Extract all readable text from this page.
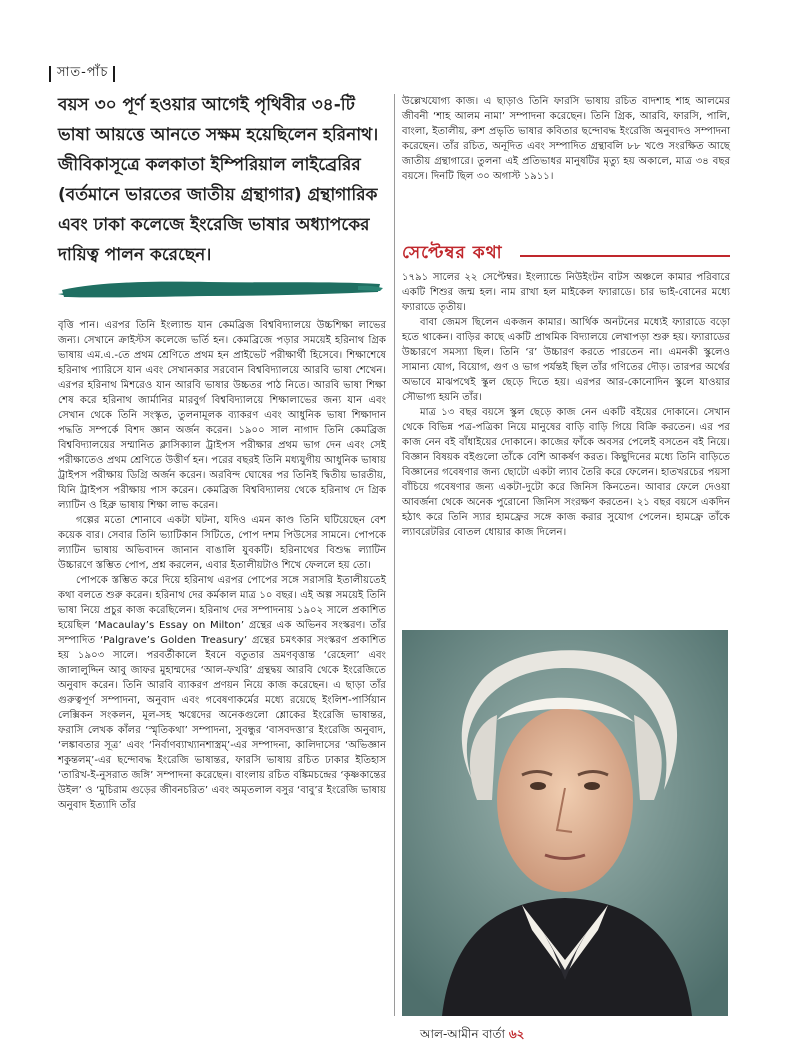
সাত-পাঁচ

বয়স ৩০ পূর্ণ হওয়ার আগেই পৃথিবীর ৩৪-টি ভাষা আয়ত্তে আনতে সক্ষম হয়েছিলেন হরিনাথ। জীবিকাসূত্রে কলকাতা ইম্পিরিয়াল লাইব্রেরির (বর্তমানে ভারতের জাতীয় গ্রন্থাগার) গ্রন্থাগারিক এবং ঢাকা কলেজে ইংরেজি ভাষার অধ্যাপকের দায়িত্ব পালন করেছেন।

বৃত্তি পান। এরপর তিনি ইংল্যান্ড যান কেমব্রিজ বিশ্ববিদ্যালয়ে উচ্চশিক্ষা লাভের জন্য। সেখানে ক্রাইস্টস কলেজে ভর্তি হন। কেমব্রিজে পড়ার সময়েই হরিনাথ গ্রিক ভাষায় এম.এ.-তে প্রথম শ্রেণিতে প্রথম হন প্রাইভেট পরীক্ষার্থী হিসেবে। শিক্ষাশেষে হরিনাথ প্যারিসে যান এবং সেখানকার সরবোন বিশ্ববিদ্যালয়ে আরবি ভাষা শেখেন। এরপর হরিনাথ মিশরেও যান আরবি ভাষার উচ্চতর পাঠ নিতে। আরবি ভাষা শিক্ষা শেষ করে হরিনাথ জার্মানির মারবুর্গ বিশ্ববিদ্যালয়ে শিক্ষালাভের জন্য যান এবং সেখান থেকে তিনি সংস্কৃত, তুলনামূলক ব্যাকরণ এবং আধুনিক ভাষা শিক্ষাদান পদ্ধতি সম্পর্কে বিশদ জ্ঞান অর্জন করেন। ১৯০০ সাল নাগাদ তিনি কেমব্রিজ বিশ্ববিদ্যালয়ের সম্মানিত ক্লাসিক্যাল ট্রাইপস পরীক্ষার প্রথম ভাগ দেন এবং সেই পরীক্ষাতেও প্রথম শ্রেণিতে উত্তীর্ণ হন। পরের বছরই তিনি মধ্যযুগীয় আধুনিক ভাষায় ট্রাইপস পরীক্ষায় ডিগ্রি অর্জন করেন। অরবিন্দ ঘোষের পর তিনিই দ্বিতীয় ভারতীয়, যিনি ট্রাইপস পরীক্ষায় পাস করেন। কেমব্রিজ বিশ্ববিদ্যালয় থেকে হরিনাথ দে গ্রিক ল্যাটিন ও হিব্রু ভাষায় শিক্ষা লাভ করেন।

গল্পের মতো শোনাবে একটা ঘটনা, যদিও এমন কাণ্ড তিনি ঘটিয়েছেন বেশ কয়েক বার। সেবার তিনি ভ্যাটিকান সিটিতে, পোপ দশম পিউসের সামনে। পোপকে ল্যাটিন ভাষায় অভিবাদন জানান বাঙালি যুবকটি। হরিনাথের বিশুদ্ধ ল্যাটিন উচ্চারণে স্তম্ভিত পোপ, প্রশ্ন করলেন, এবার ইতালীয়টাও শিখে ফেললে হয় তো।

পোপকে স্তম্ভিত করে দিয়ে হরিনাথ এরপর পোপের সঙ্গে সরাসরি ইতালীয়তেই কথা বলতে শুরু করেন। হরিনাথ দের কর্মকাল মাত্র ১০ বছর। এই অল্প সময়েই তিনি ভাষা নিয়ে প্রচুর কাজ করেছিলেন। হরিনাথ দের সম্পাদনায় ১৯০২ সালে প্রকাশিত হয়েছিল ‘Macaulay’s Essay on Milton’ গ্রন্থের এক অভিনব সংস্করণ। তাঁর সম্পাদিত ‘Palgrave’s Golden Treasury’ গ্রন্থের চমৎকার সংস্করণ প্রকাশিত হয় ১৯০৩ সালে। পরবর্তীকালে ইবনে বতুতার ভ্রমণবৃত্তান্ত ‘রেহেলা’ এবং জালালুদ্দিন আবু জাফর মুহাম্মদের ‘আল-ফখরি’ গ্রন্থদ্বয় আরবি থেকে ইংরেজিতে অনুবাদ করেন। তিনি আরবি ব্যাকরণ প্রণয়ন নিয়ে কাজ করেছেন। এ ছাড়া তাঁর গুরুত্বপূর্ণ সম্পাদনা, অনুবাদ এবং গবেষণাকর্মের মধ্যে রয়েছে ইংলিশ-পার্সিয়ান লেক্সিকন সংকলন, মূল-সহ ঋগ্বেদের অনেকগুলো শ্লোকের ইংরেজি ভাষান্তর, ফরাসি লেখক কাঁলর ‘স্মৃতিকথা’ সম্পাদনা, সুবন্ধুর ‘বাসবদত্তা’র ইংরেজি অনুবাদ, ‘লঙ্কাবতার সূত্র’ এবং ‘নির্বাণব্যাখ্যানশাস্ত্রম্’-এর সম্পাদনা, কালিদাসের ‘অভিজ্ঞান শকুন্তলম্’-এর ছন্দোবদ্ধ ইংরেজি ভাষান্তর, ফারসি ভাষায় রচিত ঢাকার ইতিহাস ‘তারিখ-ই-নুসরাত জঙ্গি’ সম্পাদনা করেছেন। বাংলায় রচিত বঙ্কিমচন্দ্রের ‘কৃষ্ণকান্তের উইল’ ও ‘মুচিরাম গুড়ের জীবনচরিত’ এবং অমৃতলাল বসুর ‘বাবু’র ইংরেজি ভাষায় অনুবাদ ইত্যাদি তাঁর

উল্লেখযোগ্য কাজ। এ ছাড়াও তিনি ফারসি ভাষায় রচিত বাদশাহ শাহ আলমের জীবনী ‘শাহ আলম নামা’ সম্পাদনা করেছেন। তিনি গ্রিক, আরবি, ফারসি, পালি, বাংলা, ইতালীয়, রুশ প্রভৃতি ভাষার কবিতার ছন্দোবদ্ধ ইংরেজি অনুবাদও সম্পাদনা করেছেন। তাঁর রচিত, অনূদিত এবং সম্পাদিত গ্রন্থাবলি ৮৮ খণ্ডে সংরক্ষিত আছে জাতীয় গ্রন্থাগারে। তুলনা এই প্রতিভাধর মানুষটির মৃত্যু হয় অকালে, মাত্র ৩৪ বছর বয়সে। দিনটি ছিল ৩০ অগাস্ট ১৯১১।

সেপ্টেম্বর কথা

১৭৯১ সালের ২২ সেপ্টেম্বর। ইংল্যান্ডে নিউইংটন বাটস অঞ্চলে কামার পরিবারে একটি শিশুর জন্ম হল। নাম রাখা হল মাইকেল ফ্যারাডে। চার ভাই-বোনের মধ্যে ফ্যারাডে তৃতীয়।

বাবা জেমস ছিলেন একজন কামার। আর্থিক অনটনের মধ্যেই ফ্যারাডে বড়ো হতে থাকেন। বাড়ির কাছে একটি প্রাথমিক বিদ্যালয়ে লেখাপড়া শুরু হয়। ফ্যারাডের উচ্চারণে সমস্যা ছিল। তিনি ‘র’ উচ্চারণ করতে পারতেন না। এমনকী স্কুলেও সামান্য যোগ, বিয়োগ, গুণ ও ভাগ পর্যন্তই ছিল তাঁর গণিতের দৌড়। তারপর অর্থের অভাবে মাঝপথেই স্কুল ছেড়ে দিতে হয়। এরপর আর-কোনোদিন স্কুলে যাওয়ার সৌভাগ্য হয়নি তাঁর।

মাত্র ১৩ বছর বয়সে স্কুল ছেড়ে কাজ নেন একটি বইয়ের দোকানে। সেখান থেকে বিভিন্ন পত্র-পত্রিকা নিয়ে মানুষের বাড়ি বাড়ি গিয়ে বিক্রি করতেন। এর পর কাজ নেন বই বাঁধাইয়ের দোকানে। কাজের ফাঁকে অবসর পেলেই বসতেন বই নিয়ে। বিজ্ঞান বিষয়ক বইগুলো তাঁকে বেশি আকর্ষণ করত। কিছুদিনের মধ্যে তিনি বাড়িতে বিজ্ঞানের গবেষণার জন্য ছোটো একটা ল্যাব তৈরি করে ফেলেন। হাতখরচের পয়সা বাঁচিয়ে গবেষণার জন্য একটা-দুটো করে জিনিস কিনতেন। আবার ফেলে দেওয়া আবর্জনা থেকে অনেক পুরোনো জিনিস সংরক্ষণ করতেন। ২১ বছর বয়সে একদিন হঠাৎ করে তিনি স্যার হামফ্রের সঙ্গে কাজ করার সুযোগ পেলেন। হামফ্রে তাঁকে ল্যাবরেটরির বোতল ধোয়ার কাজ দিলেন।

আল-আমীন বার্তা ৬২
